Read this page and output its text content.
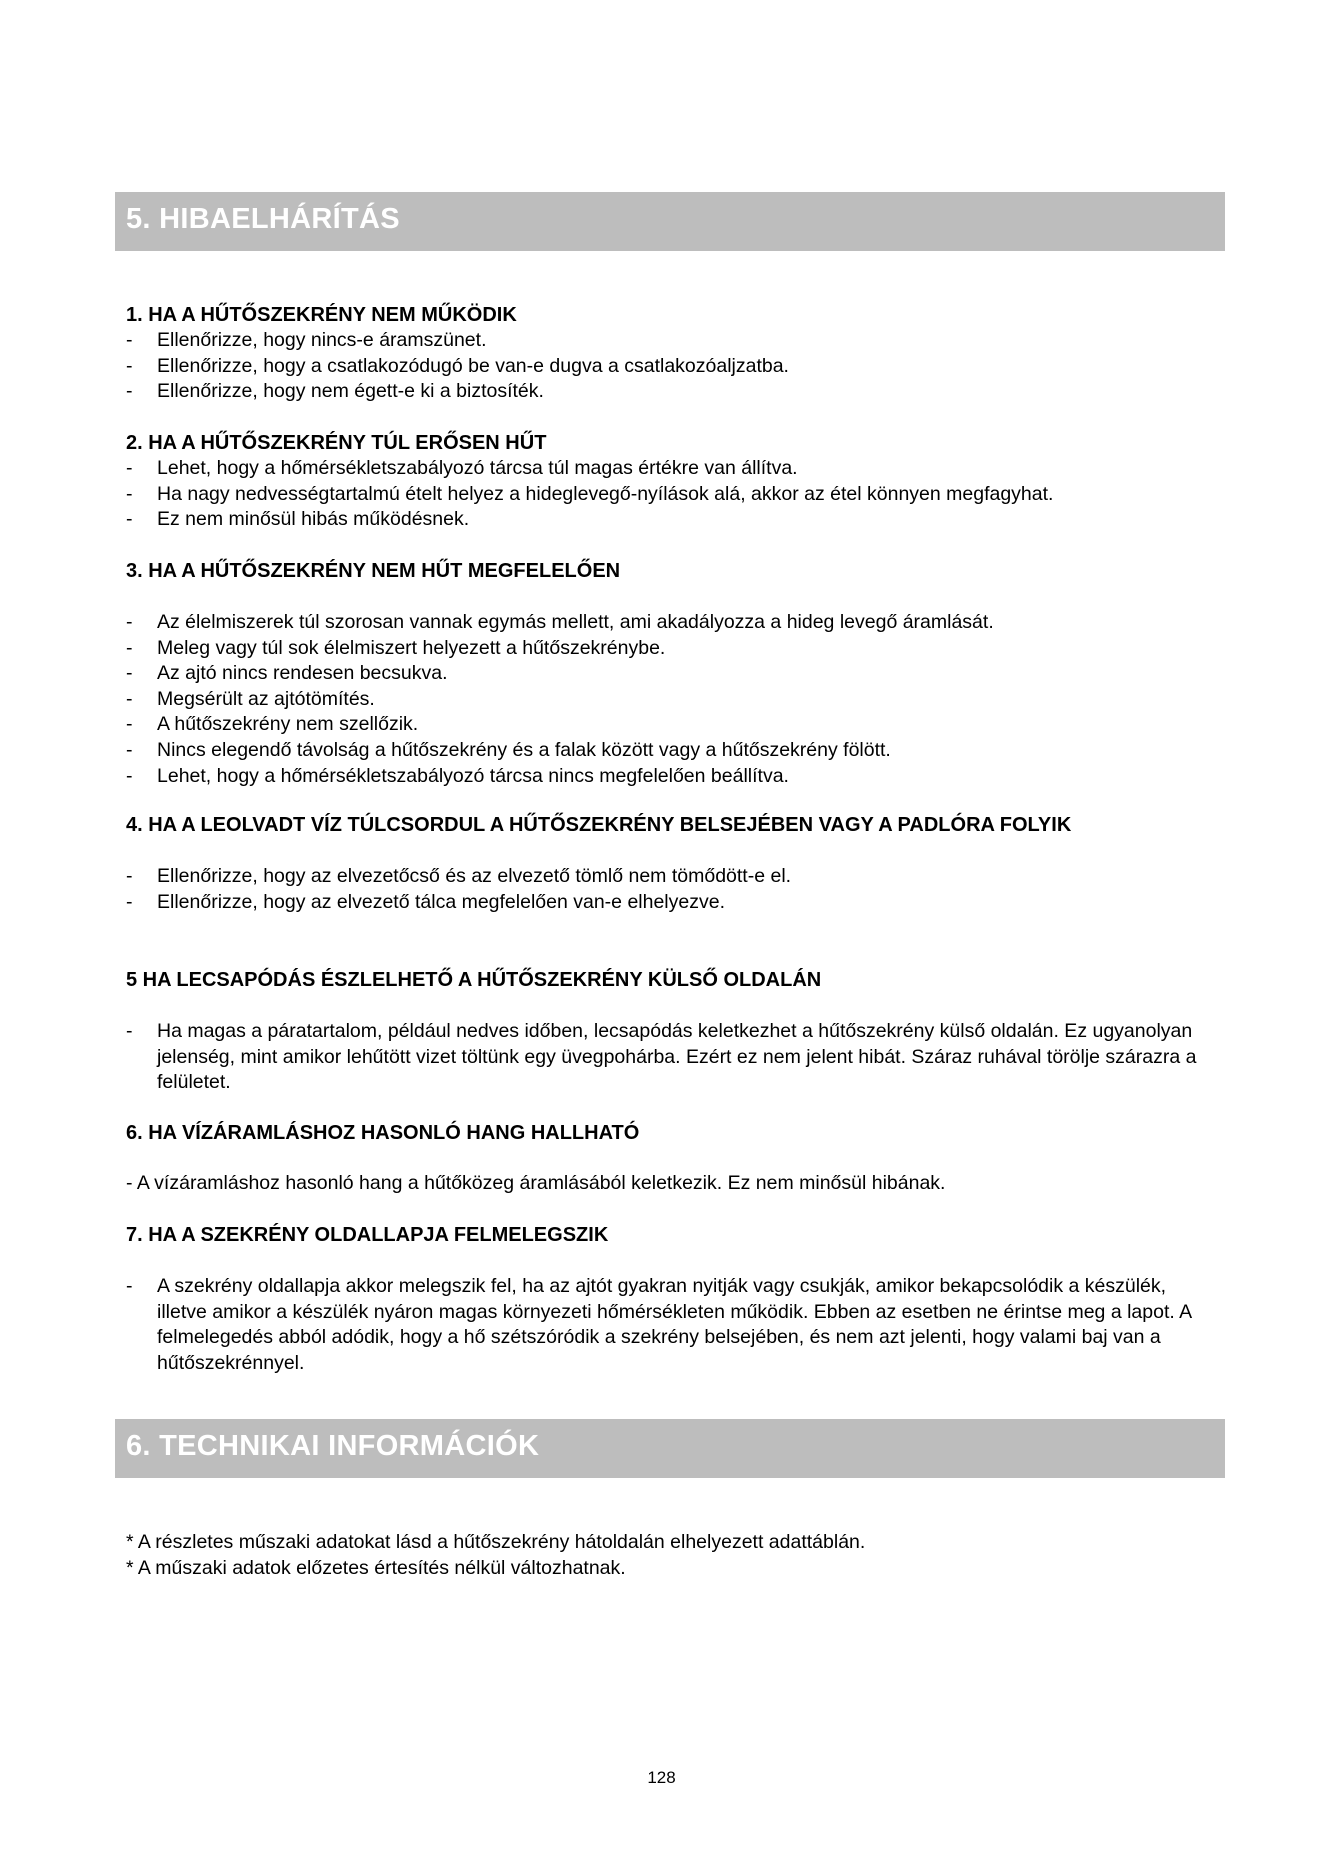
5. HIBAELHÁRÍTÁS
1. HA A HŰTŐSZEKRÉNY NEM MŰKÖDIK
- Ellenőrizze, hogy nincs-e áramszünet.
- Ellenőrizze, hogy a csatlakozódugó be van-e dugva a csatlakozóaljzatba.
- Ellenőrizze, hogy nem égett-e ki a biztosíték.
2. HA A HŰTŐSZEKRÉNY TÚL ERŐSEN HŰT
- Lehet, hogy a hőmérsékletszabályozó tárcsa túl magas értékre van állítva.
- Ha nagy nedvességtartalmú ételt helyez a hideglevegő-nyílások alá, akkor az étel könnyen megfagyhat.
- Ez nem minősül hibás működésnek.
3. HA A HŰTŐSZEKRÉNY NEM HŰT MEGFELELŐEN
- Az élelmiszerek túl szorosan vannak egymás mellett, ami akadályozza a hideg levegő áramlását.
- Meleg vagy túl sok élelmiszert helyezett a hűtőszekrénybe.
- Az ajtó nincs rendesen becsukva.
- Megsérült az ajtótömítés.
- A hűtőszekrény nem szellőzik.
- Nincs elegendő távolság a hűtőszekrény és a falak között vagy a hűtőszekrény fölött.
- Lehet, hogy a hőmérsékletszabályozó tárcsa nincs megfelelően beállítva.
4. HA A LEOLVADT VÍZ TÚLCSORDUL A HŰTŐSZEKRÉNY BELSEJÉBEN VAGY A PADLÓRA FOLYIK
- Ellenőrizze, hogy az elvezetőcső és az elvezető tömlő nem tömődött-e el.
- Ellenőrizze, hogy az elvezető tálca megfelelően van-e elhelyezve.
5 HA LECSAPÓDÁS ÉSZLELHETŐ A HŰTŐSZEKRÉNY KÜLSŐ OLDALÁN
- Ha magas a páratartalom, például nedves időben, lecsapódás keletkezhet a hűtőszekrény külső oldalán. Ez ugyanolyan jelenség, mint amikor lehűtött vizet töltünk egy üvegpohárba. Ezért ez nem jelent hibát. Száraz ruhával törölje szárazra a felületet.
6. HA VÍZÁRAMLÁSHOZ HASONLÓ HANG HALLHATÓ

- A vízáramláshoz hasonló hang a hűtőközeg áramlásából keletkezik. Ez nem minősül hibának.

7. HA A SZEKRÉNY OLDALLAPJA FELMELEGSZIK
- A szekrény oldallapja akkor melegszik fel, ha az ajtót gyakran nyitják vagy csukják, amikor bekapcsolódik a készülék, illetve amikor a készülék nyáron magas környezeti hőmérsékleten működik. Ebben az esetben ne érintse meg a lapot. A felmelegedés abból adódik, hogy a hő szétszóródik a szekrény belsejében, és nem azt jelenti, hogy valami baj van a hűtőszekrénnyel.
6. TECHNIKAI INFORMÁCIÓK

* A részletes műszaki adatokat lásd a hűtőszekrény hátoldalán elhelyezett adattáblán.

* A műszaki adatok előzetes értesítés nélkül változhatnak.

128
